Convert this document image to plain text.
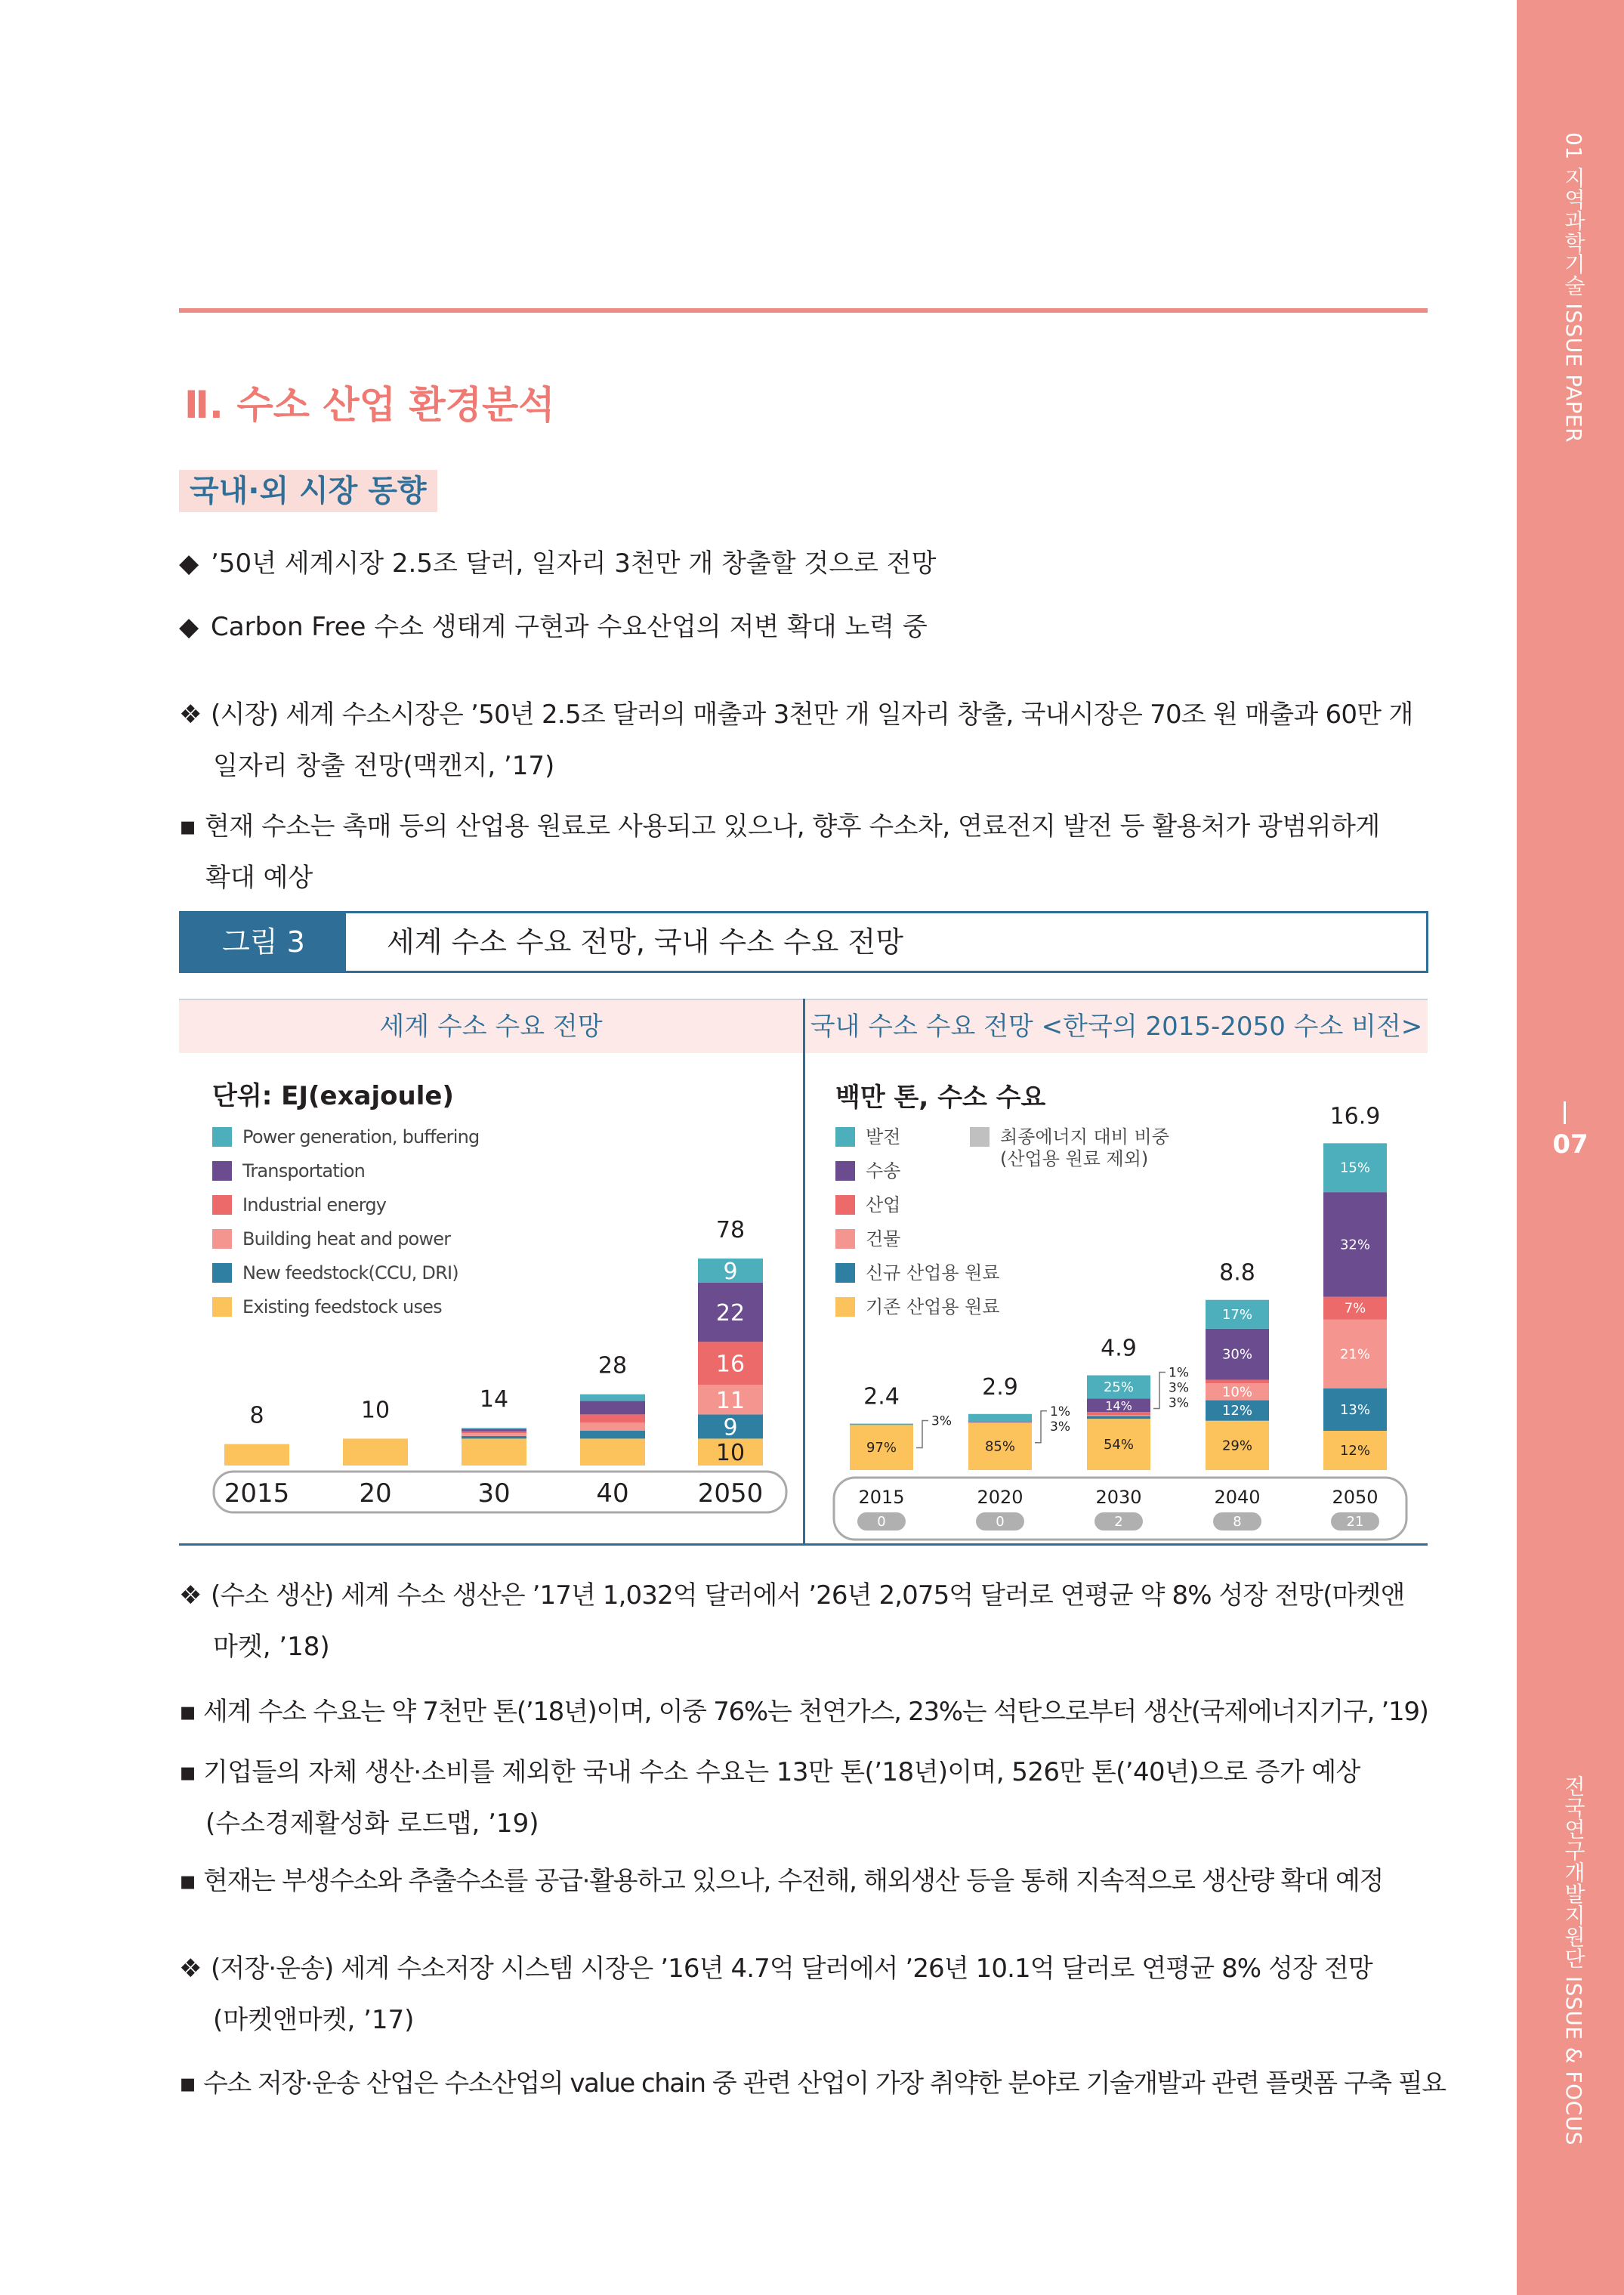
01 지역과학기술 ISSUE PAPER
07
전국연구개발지원단 ISSUE & FOCUS
Ⅱ. 수소 산업 환경분석
국내·외 시장 동향
◆ ’50년 세계시장 2.5조 달러, 일자리 3천만 개 창출할 것으로 전망
◆ Carbon Free 수소 생태계 구현과 수요산업의 저변 확대 노력 중
❖ (시장) 세계 수소시장은 ’50년 2.5조 달러의 매출과 3천만 개 일자리 창출, 국내시장은 70조 원 매출과 60만 개
일자리 창출 전망(맥캔지, ’17)
▪ 현재 수소는 촉매 등의 산업용 원료로 사용되고 있으나, 향후 수소차, 연료전지 발전 등 활용처가 광범위하게
확대 예상
그림 3	세계 수소 수요 전망, 국내 수소 수요 전망
세계 수소 수요 전망	국내 수소 수요 전망 <한국의 2015-2050 수소 비전>
단위: EJ(exajoule)
Power generation, buffering
Transportation
Industrial energy
Building heat and power
New feedstock(CCU, DRI)
Existing feedstock uses
8	10	14
28
10
9
11
16
22
9
78
2015	20	30	40	2050
백만 톤, 수소 수요
발전
수송
산업
건물
신규 산업용 원료
기존 산업용 원료
최종에너지 대비 비중
(산업용 원료 제외)
97%
2.4
85%
2.9
54%
14%
25%
4.9
29%
12%
10%
30%
17%
8.8
12%
13%
21%
7%
32%
15%
16.9
3%
1%
3%
1%
3%
3%
2015
0
2020
0
2030
2
2040
8
2050
21
❖ (수소 생산) 세계 수소 생산은 ’17년 1,032억 달러에서 ’26년 2,075억 달러로 연평균 약 8% 성장 전망(마켓앤
마켓, ’18)
▪ 세계 수소 수요는 약 7천만 톤(’18년)이며, 이중 76%는 천연가스, 23%는 석탄으로부터 생산(국제에너지기구, ’19)
▪ 기업들의 자체 생산·소비를 제외한 국내 수소 수요는 13만 톤(’18년)이며, 526만 톤(’40년)으로 증가 예상
(수소경제활성화 로드맵, ’19)
▪ 현재는 부생수소와 추출수소를 공급·활용하고 있으나, 수전해, 해외생산 등을 통해 지속적으로 생산량 확대 예정
❖ (저장·운송) 세계 수소저장 시스템 시장은 ’16년 4.7억 달러에서 ’26년 10.1억 달러로 연평균 8% 성장 전망
(마켓앤마켓, ’17)
▪ 수소 저장·운송 산업은 수소산업의 value chain 중 관련 산업이 가장 취약한 분야로 기술개발과 관련 플랫폼 구축 필요
